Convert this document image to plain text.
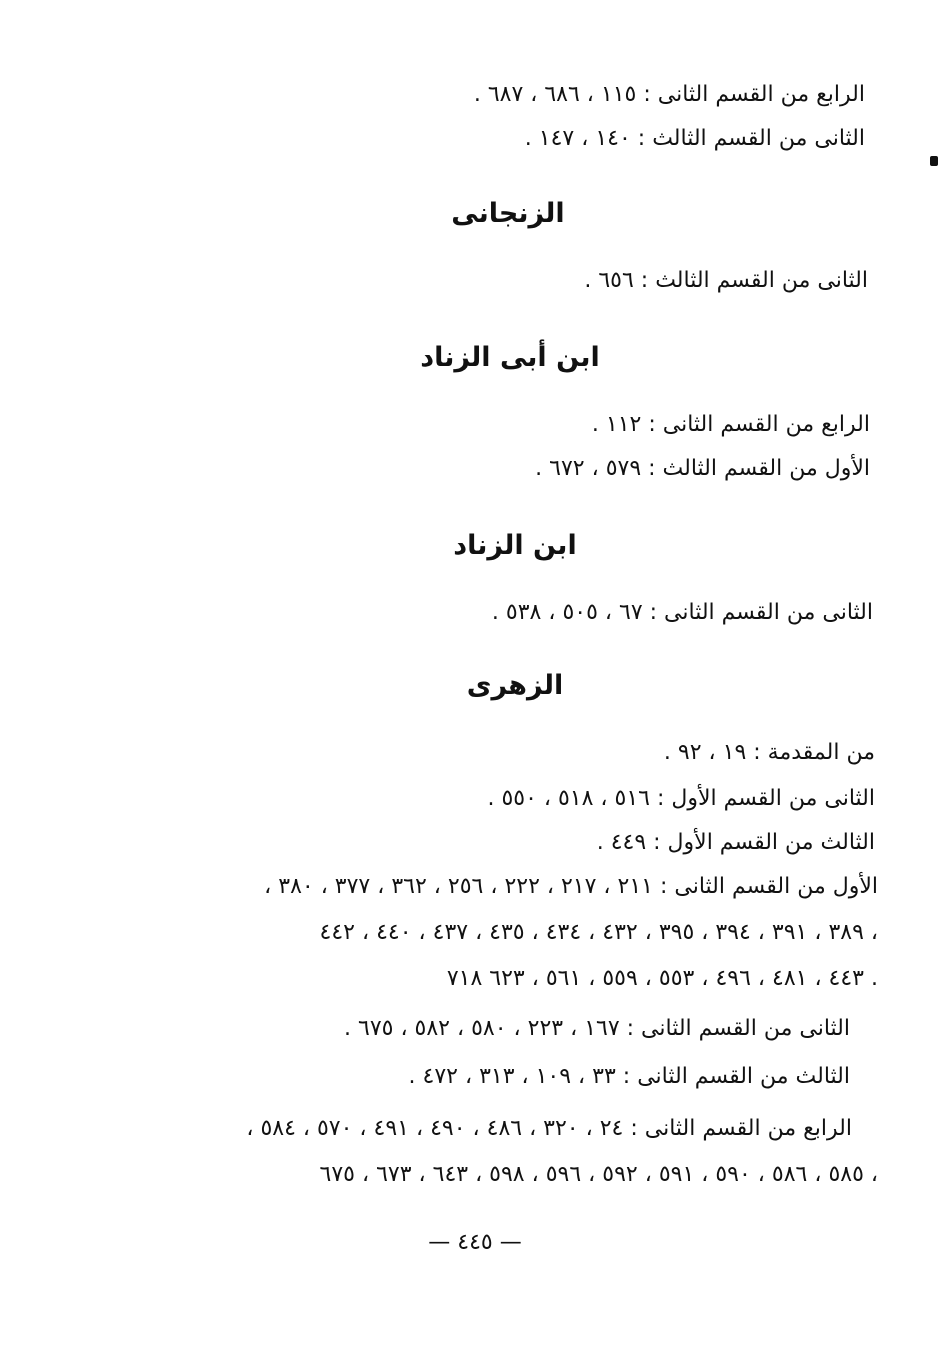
الرابع من القسم الثانى : ١١٥ ، ٦٨٦ ، ٦٨٧ .
الثانى من القسم الثالث : ١٤٠ ، ١٤٧ .
الزنجانى
الثانى من القسم الثالث : ٦٥٦ .
ابن أبى الزناد
الرابع من القسم الثانى : ١١٢ .
الأول من القسم الثالث : ٥٧٩ ، ٦٧٢ .
ابن الزناد
الثانى من القسم الثانى : ٦٧ ، ٥٠٥ ، ٥٣٨ .
الزهرى
من المقدمة : ١٩ ، ٩٢ .
الثانى من القسم الأول : ٥١٦ ، ٥١٨ ، ٥٥٠ .
الثالث من القسم الأول : ٤٤٩ .
الأول من القسم الثانى : ٢١١ ، ٢١٧ ، ٢٢٢ ، ٢٥٦ ، ٣٦٢ ، ٣٧٧ ، ٣٨٠ ،
٣٨٩ ، ٣٩١ ، ٣٩٤ ، ٣٩٥ ، ٤٣٢ ، ٤٣٤ ، ٤٣٥ ، ٤٣٧ ، ٤٤٠ ، ٤٤٢ ،
٤٤٣ ، ٤٨١ ، ٤٩٦ ، ٥٥٣ ، ٥٥٩ ، ٥٦١ ، ٦٢٣ ٧١٨ .
الثانى من القسم الثانى : ١٦٧ ، ٢٢٣ ، ٥٨٠ ، ٥٨٢ ، ٦٧٥ .
الثالث من القسم الثانى : ٣٣ ، ١٠٩ ، ٣١٣ ، ٤٧٢ .
الرابع من القسم الثانى : ٢٤ ، ٣٢٠ ، ٤٨٦ ، ٤٩٠ ، ٤٩١ ، ٥٧٠ ، ٥٨٤ ،
٥٨٥ ، ٥٨٦ ، ٥٩٠ ، ٥٩١ ، ٥٩٢ ، ٥٩٦ ، ٥٩٨ ، ٦٤٣ ، ٦٧٣ ، ٦٧٥ ،
— ٤٤٥ —
